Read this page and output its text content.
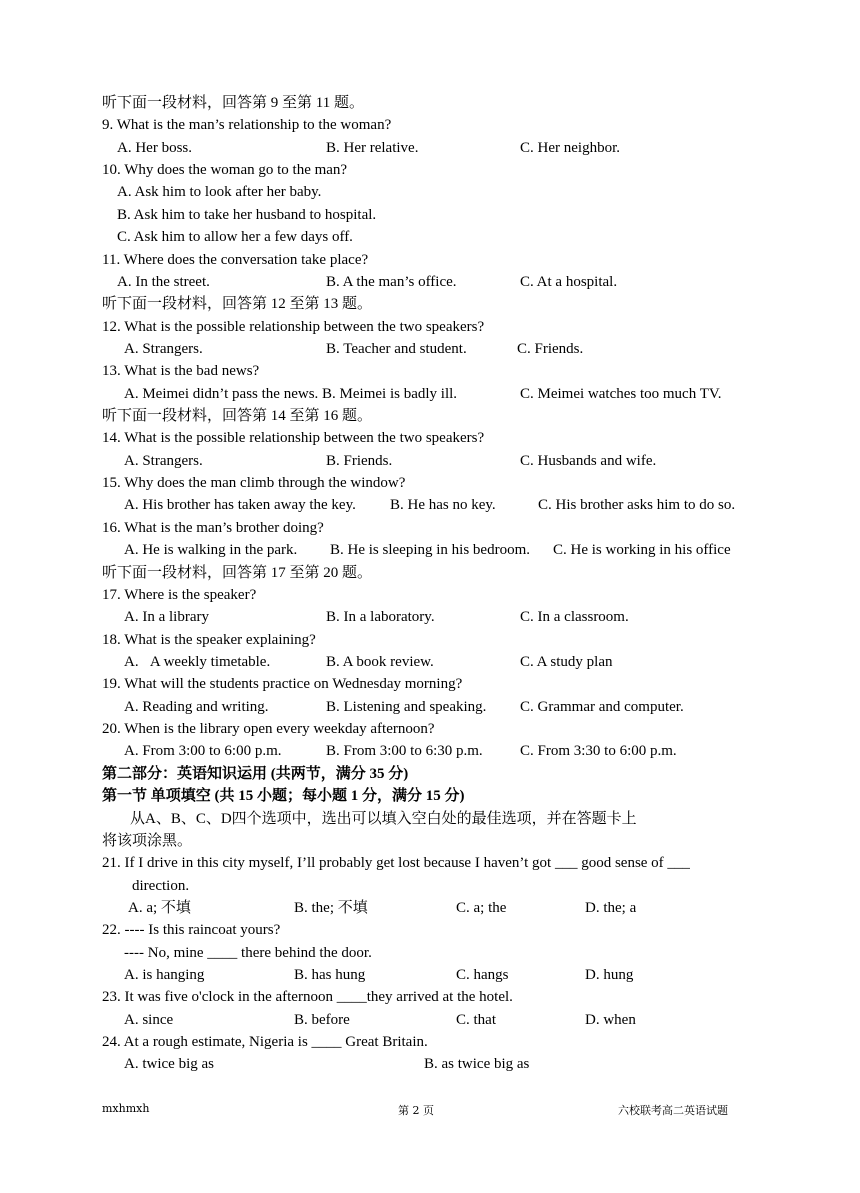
听下面一段材料，回答第 9 至第 11 题。
9. What is the man’s relationship to the woman?
A. Her boss.	B. Her relative.	C. Her neighbor.
10. Why does the woman go to the man?
A. Ask him to look after her baby.
B. Ask him to take her husband to hospital.
C. Ask him to allow her a few days off.
11. Where does the conversation take place?
A. In the street.	B. A the man’s office.	C. At a hospital.
听下面一段材料，回答第 12 至第 13 题。
12. What is the possible relationship between the two speakers?
A. Strangers.	B. Teacher and student.	C. Friends.
13. What is the bad news?
A. Meimei didn’t pass the news. B. Meimei is badly ill.	C. Meimei watches too much TV.
听下面一段材料，回答第 14 至第 16 题。
14. What is the possible relationship between the two speakers?
A. Strangers.	B. Friends.	C. Husbands and wife.
15. Why does the man climb through the window?
A. His brother has taken away the key. B. He has no key.	C. His brother asks him to do so.
16. What is the man’s brother doing?
A. He is walking in the park. B. He is sleeping in his bedroom. C. He is working in his office
听下面一段材料，回答第 17 至第 20 题。
17. Where is the speaker?
A. In a library	B. In a laboratory.	C. In a classroom.
18. What is the speaker explaining?
A.   A weekly timetable.	B. A book review.	C. A study plan
19. What will the students practice on Wednesday morning?
A. Reading and writing.	B. Listening and speaking. C. Grammar and computer.
20. When is the library open every weekday afternoon?
A. From 3:00 to 6:00 p.m.	B. From 3:00 to 6:30 p.m. C. From 3:30 to 6:00 p.m.
第二部分：英语知识运用 (共两节，满分 35 分)
第一节 单项填空 (共 15 小题；每小题 1 分，满分 15 分)
从A、B、C、D四个选项中，选出可以填入空白处的最佳选项，并在答题卡上
将该项涂黑。
21. If I drive in this city myself, I’ll probably get lost because I haven’t got ___ good sense of ___
direction.
A. a; 不填	B. the; 不填	C. a; the	D. the; a
22. ---- Is this raincoat yours?
---- No, mine ____ there behind the door.
A. is hanging	B. has hung	C. hangs	D. hung
23. It was five o'clock in the afternoon ____they arrived at the hotel.
A. since	B. before	C. that	D. when
24. At a rough estimate, Nigeria is ____ Great Britain.
A. twice big as	B. as twice big as
mxhmxh	第 2 页	六校联考高二英语试题
